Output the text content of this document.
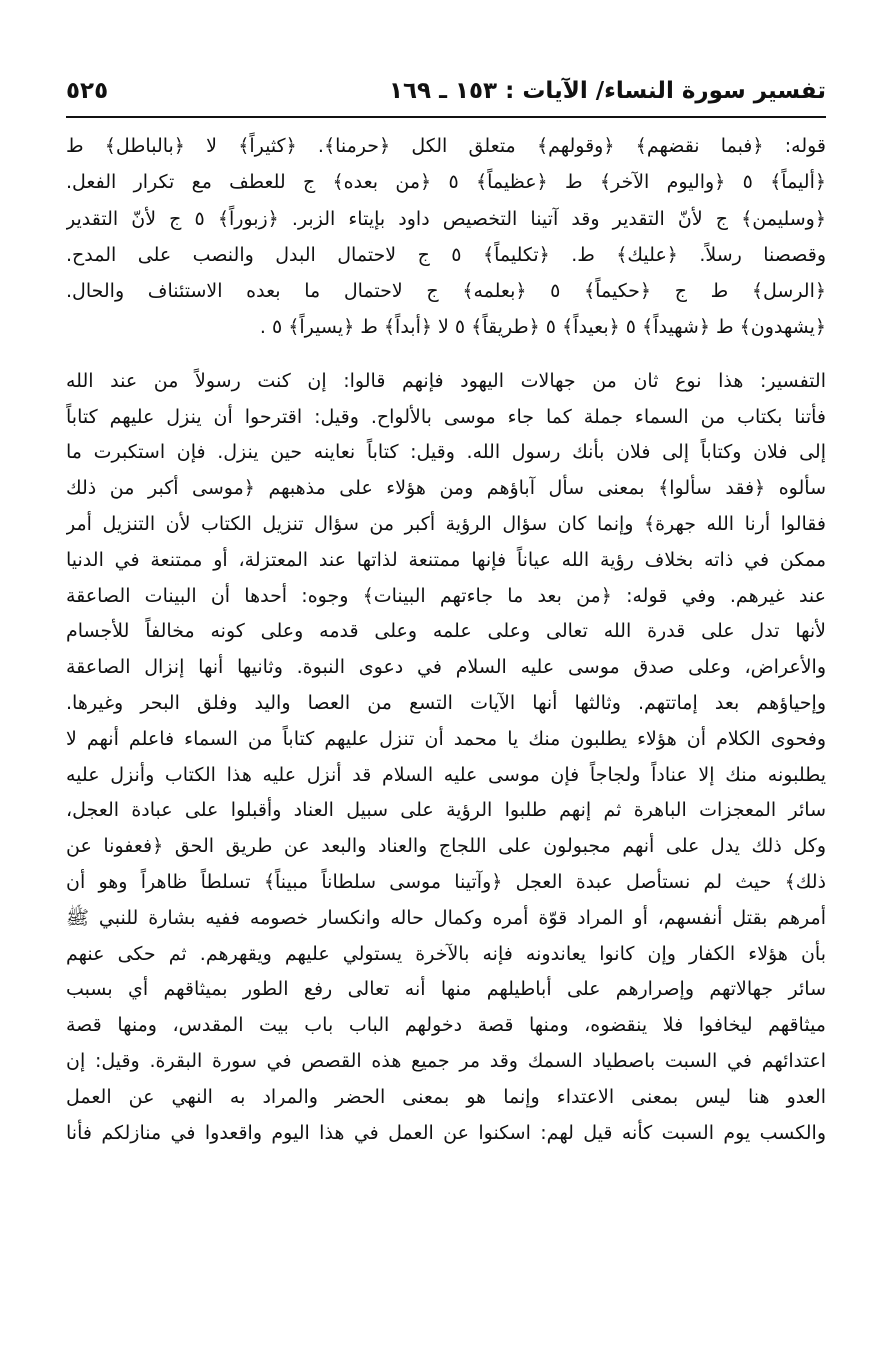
تفسير سورة النساء/ الآيات : ١٥٣ ـ ١٦٩
٥٢٥
قوله: ﴿فبما نقضهم﴾ ﴿وقولهم﴾ متعلق الكل ﴿حرمنا﴾. ﴿كثيراً﴾ لا ﴿بالباطل﴾ ط
﴿أليماً﴾ ٥ ﴿واليوم الآخر﴾ ط ﴿عظيماً﴾ ٥ ﴿من بعده﴾ ج للعطف مع تكرار الفعل.
﴿وسليمن﴾ ج لأنّ التقدير وقد آتينا التخصيص داود بإيتاء الزبر. ﴿زبوراً﴾ ٥ ج لأنّ التقدير
وقصصنا رسلاً. ﴿عليك﴾ ط. ﴿تكليماً﴾ ٥ ج لاحتمال البدل والنصب على المدح.
﴿الرسل﴾ ط ج ﴿حكيماً﴾ ٥ ﴿بعلمه﴾ ج لاحتمال ما بعده الاستئناف والحال.
﴿يشهدون﴾ ط ﴿شهيداً﴾ ٥ ﴿بعيداً﴾ ٥ ﴿طريقاً﴾ ٥ لا ﴿أبداً﴾ ط ﴿يسيراً﴾ ٥ .
التفسير: هذا نوع ثان من جهالات اليهود فإنهم قالوا: إن كنت رسولاً من عند الله
فأتنا بكتاب من السماء جملة كما جاء موسى بالألواح. وقيل: اقترحوا أن ينزل عليهم كتاباً
إلى فلان وكتاباً إلى فلان بأنك رسول الله. وقيل: كتاباً نعاينه حين ينزل. فإن استكبرت ما
سألوه ﴿فقد سألوا﴾ بمعنى سأل آباؤهم ومن هؤلاء على مذهبهم ﴿موسى أكبر من ذلك
فقالوا أرنا الله جهرة﴾ وإنما كان سؤال الرؤية أكبر من سؤال تنزيل الكتاب لأن التنزيل أمر
ممكن في ذاته بخلاف رؤية الله عياناً فإنها ممتنعة لذاتها عند المعتزلة، أو ممتنعة في الدنيا
عند غيرهم. وفي قوله: ﴿من بعد ما جاءتهم البينات﴾ وجوه: أحدها أن البينات الصاعقة
لأنها تدل على قدرة الله تعالى وعلى علمه وعلى قدمه وعلى كونه مخالفاً للأجسام
والأعراض، وعلى صدق موسى عليه السلام في دعوى النبوة. وثانيها أنها إنزال الصاعقة
وإحياؤهم بعد إماتتهم. وثالثها أنها الآيات التسع من العصا واليد وفلق البحر وغيرها.
وفحوى الكلام أن هؤلاء يطلبون منك يا محمد أن تنزل عليهم كتاباً من السماء فاعلم أنهم لا
يطلبونه منك إلا عناداً ولجاجاً فإن موسى عليه السلام قد أنزل عليه هذا الكتاب وأنزل عليه
سائر المعجزات الباهرة ثم إنهم طلبوا الرؤية على سبيل العناد وأقبلوا على عبادة العجل،
وكل ذلك يدل على أنهم مجبولون على اللجاج والعناد والبعد عن طريق الحق ﴿فعفونا عن
ذلك﴾ حيث لم نستأصل عبدة العجل ﴿وآتينا موسى سلطاناً مبيناً﴾ تسلطاً ظاهراً وهو أن
أمرهم بقتل أنفسهم، أو المراد قوّة أمره وكمال حاله وانكسار خصومه ففيه بشارة للنبي ﷺ
بأن هؤلاء الكفار وإن كانوا يعاندونه فإنه بالآخرة يستولي عليهم ويقهرهم. ثم حكى عنهم
سائر جهالاتهم وإصرارهم على أباطيلهم منها أنه تعالى رفع الطور بميثاقهم أي بسبب
ميثاقهم ليخافوا فلا ينقضوه، ومنها قصة دخولهم الباب باب بيت المقدس، ومنها قصة
اعتدائهم في السبت باصطياد السمك وقد مر جميع هذه القصص في سورة البقرة. وقيل: إن
العدو هنا ليس بمعنى الاعتداء وإنما هو بمعنى الحضر والمراد به النهي عن العمل
والكسب يوم السبت كأنه قيل لهم: اسكنوا عن العمل في هذا اليوم واقعدوا في منازلكم فأنا
